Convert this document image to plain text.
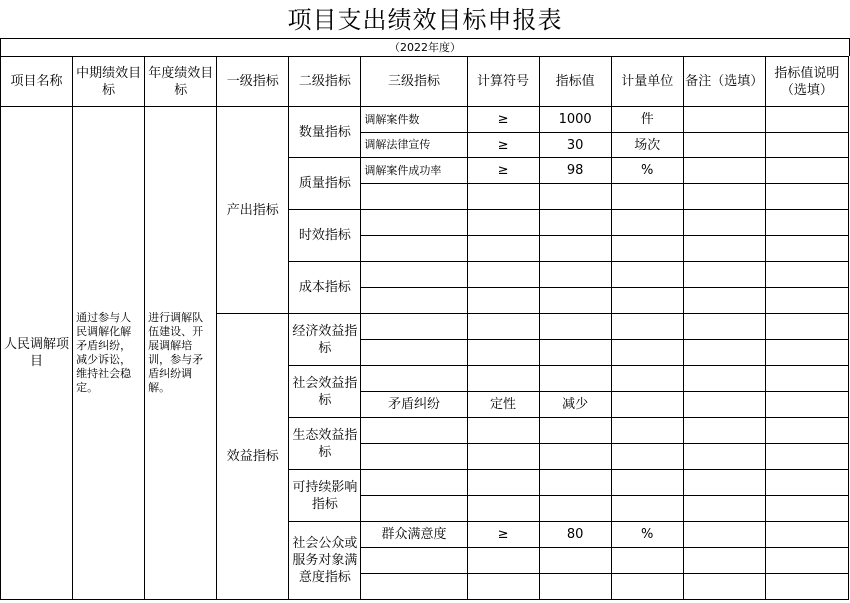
项目支出绩效目标申报表
（2022年度）
项目名称	中期绩效目标	年度绩效目标	一级指标	二级指标	三级指标	计算符号	指标值	计量单位	备注（选填）	指标值说明（选填）
人民调解项目	通过参与人民调解化解矛盾纠纷，减少诉讼，维持社会稳定。	进行调解队伍建设、开展调解培训，参与矛盾纠纷调解。	产出指标	数量指标	调解案件数	≥	1000	件		
					调解法律宣传	≥	30	场次		
				质量指标	调解案件成功率	≥	98	%		

				时效指标						

				成本指标						

			效益指标	经济效益指标						

				社会效益指标						
					矛盾纠纷	定性	减少			
				生态效益指标						

				可持续影响指标						

				社会公众或服务对象满意度指标	群众满意度	≥	80	%		
